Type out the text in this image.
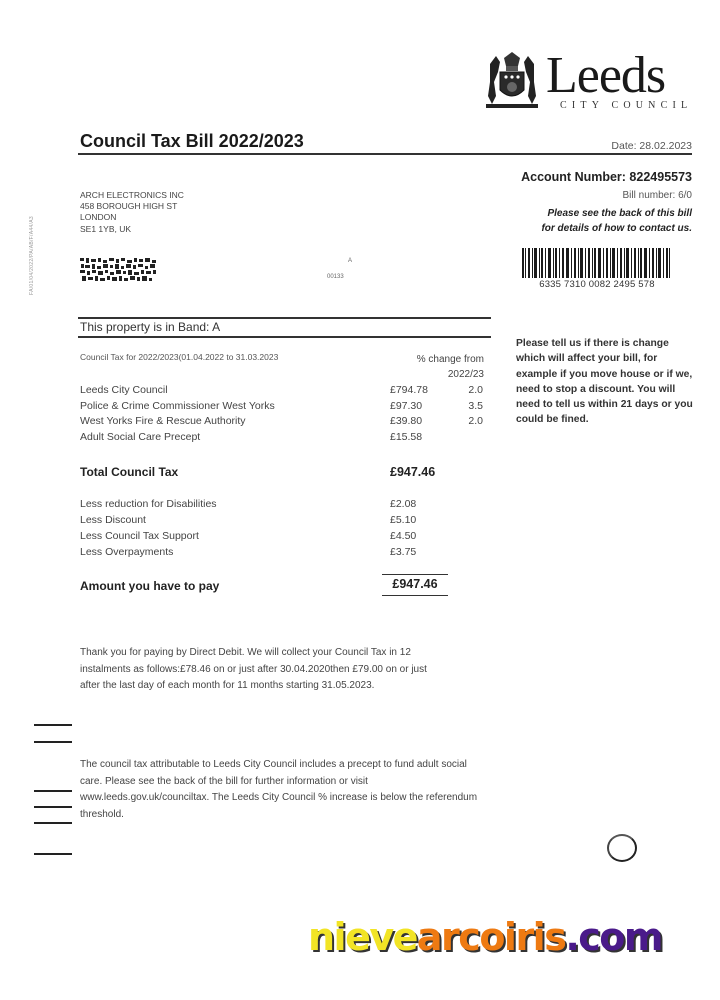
Leeds
CITY COUNCIL
Council Tax Bill 2022/2023	Date: 28.02.2023
FA/01/04/2022/PA/AB/F/A44/A3
ARCH ELECTRONICS INC
458 BOROUGH HIGH ST
LONDON
SE1 1YB, UK
A
00133
Account Number: 822495573
Bill number: 6/0
Please see the back of this bill
for details of how to contact us.
6335 7310 0082 2495 578
This property is in Band: A
Council Tax for 2022/2023(01.04.2022 to 31.03.2023	% change from
2022/23
Leeds City Council	£794.78	2.0
Police & Crime Commissioner West Yorks	£97.30	3.5
West Yorks Fire & Rescue Authority	£39.80	2.0
Adult Social Care Precept	£15.58
Total Council Tax	£947.46
Less reduction for Disabilities	£2.08
Less Discount	£5.10
Less Council Tax Support	£4.50
Less Overpayments	£3.75
Amount you have to pay	£947.46
Please tell us if there is change which will affect your bill, for example if you move house or if we, need to stop a discount. You will need to tell us within 21 days or you could be fined.
Thank you for paying by Direct Debit. We will collect your Council Tax in 12
instalments as follows:£78.46 on or just after 30.04.2020then £79.00 on or just
after the last day of each month for 11 months starting 31.05.2023.
The council tax attributable to Leeds City Council includes a precept to fund adult social
care. Please see the back of the bill for further information or visit
www.leeds.gov.uk/counciltax. The Leeds City Council % increase is below the referendum
threshold.
nievearcoiris.com
